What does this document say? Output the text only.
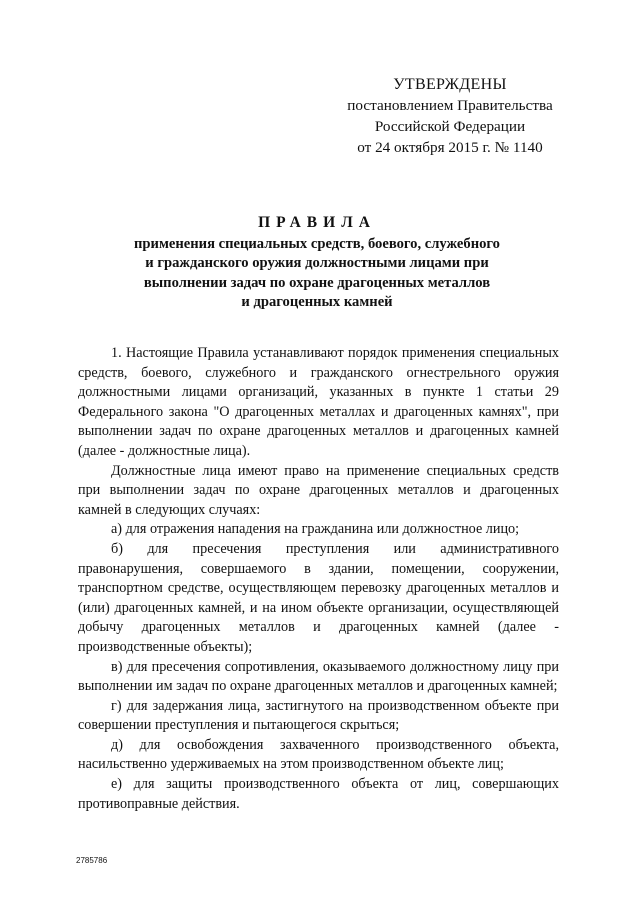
УТВЕРЖДЕНЫ
постановлением Правительства
Российской Федерации
от 24 октября 2015 г. № 1140
ПРАВИЛА
применения специальных средств, боевого, служебного
и гражданского оружия должностными лицами при
выполнении задач по охране драгоценных металлов
и драгоценных камней

1. Настоящие Правила устанавливают порядок применения специальных средств, боевого, служебного и гражданского огнестрельного оружия должностными лицами организаций, указанных в пункте 1 статьи 29 Федерального закона "О драгоценных металлах и драгоценных камнях", при выполнении задач по охране драгоценных металлов и драгоценных камней (далее - должностные лица).

Должностные лица имеют право на применение специальных средств при выполнении задач по охране драгоценных металлов и драгоценных камней в следующих случаях:

а) для отражения нападения на гражданина или должностное лицо;

б) для пресечения преступления или административного правонарушения, совершаемого в здании, помещении, сооружении, транспортном средстве, осуществляющем перевозку драгоценных металлов и (или) драгоценных камней, и на ином объекте организации, осуществляющей добычу драгоценных металлов и драгоценных камней (далее - производственные объекты);

в) для пресечения сопротивления, оказываемого должностному лицу при выполнении им задач по охране драгоценных металлов и драгоценных камней;

г) для задержания лица, застигнутого на производственном объекте при совершении преступления и пытающегося скрыться;

д) для освобождения захваченного производственного объекта, насильственно удерживаемых на этом производственном объекте лиц;

е) для защиты производственного объекта от лиц, совершающих противоправные действия.

2785786
